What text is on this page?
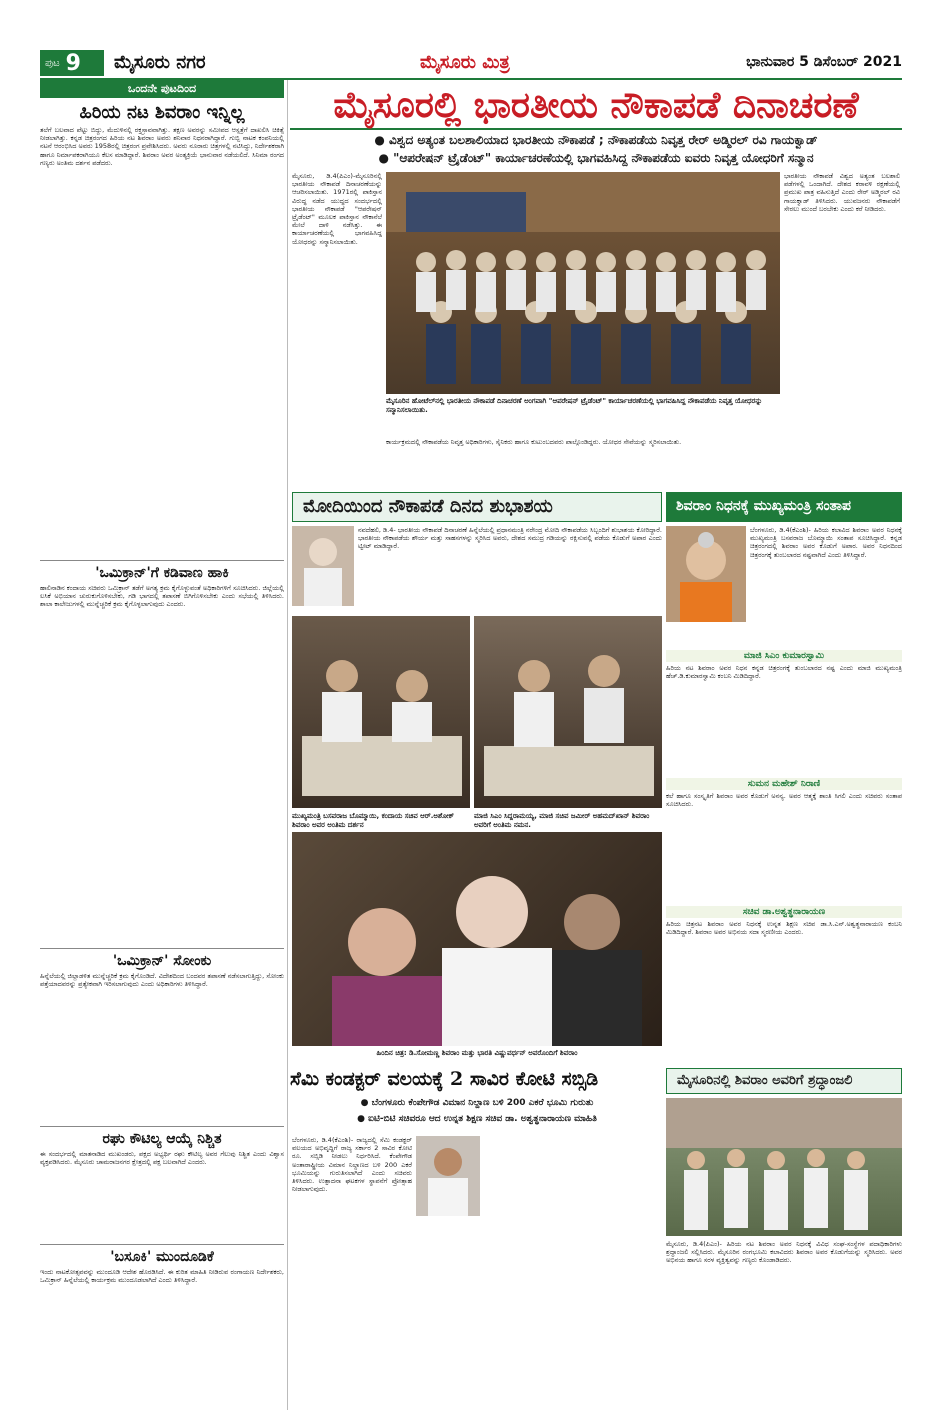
ಪುಟ 9 ಮೈಸೂರು ನಗರ	ಮೈಸೂರು ಮಿತ್ರ	ಭಾನುವಾರ 5 ಡಿಸೆಂಬರ್ 2021
ಒಂದನೇ ಪುಟದಿಂದ
ಹಿರಿಯ ನಟ ಶಿವರಾಂ ಇನ್ನಿಲ್ಲ
ತಲೆಗೆ ಬಲವಾದ ಪೆಟ್ಟು ಬಿದ್ದು, ಮೆದುಳಿನಲ್ಲಿ ರಕ್ತಸ್ರಾವವಾಗಿತ್ತು. ತಕ್ಷಣ ಅವರನ್ನು ಸಮೀಪದ ಆಸ್ಪತ್ರೆಗೆ ದಾಖಲಿಸಿ ಚಿಕಿತ್ಸೆ ನೀಡಲಾಗಿತ್ತು. ಕನ್ನಡ ಚಿತ್ರರಂಗದ ಹಿರಿಯ ನಟ ಶಿವರಾಂ ಅವರು ಶನಿವಾರ ನಿಧನರಾಗಿದ್ದಾರೆ. ಗುಬ್ಬಿ ನಾಟಕ ಕಂಪನಿಯಲ್ಲಿ ನಟನೆ ಆರಂಭಿಸಿದ ಅವರು 1958ರಲ್ಲಿ ಚಿತ್ರರಂಗ ಪ್ರವೇಶಿಸಿದರು. ಅವರು ನೂರಾರು ಚಿತ್ರಗಳಲ್ಲಿ ನಟಿಸಿದ್ದು, ನಿರ್ದೇಶಕರಾಗಿ ಹಾಗೂ ನಿರ್ಮಾಪಕರಾಗಿಯೂ ಕೆಲಸ ಮಾಡಿದ್ದಾರೆ. ಶಿವರಾಂ ಅವರ ಅಂತ್ಯಕ್ರಿಯೆ ಭಾನುವಾರ ನಡೆಯಲಿದೆ. ಸಿನಿಮಾ ರಂಗದ ಗಣ್ಯರು ಅಂತಿಮ ದರ್ಶನ ಪಡೆದರು.
'ಒಮಿಕ್ರಾನ್'ಗೆ ಕಡಿವಾಣ ಹಾಕಿ
ಹಾಲಿನಾಡಿನ ಕಂದಾಯ ಸಚಿವರು ಒಮಿಕ್ರಾನ್ ತಡೆಗೆ ಅಗತ್ಯ ಕ್ರಮ ಕೈಗೊಳ್ಳುವಂತೆ ಅಧಿಕಾರಿಗಳಿಗೆ ಸೂಚಿಸಿದರು. ಜಿಲ್ಲೆಯಲ್ಲಿ ಲಸಿಕೆ ಅಭಿಯಾನ ಚುರುಕುಗೊಳಿಸಬೇಕು, ಗಡಿ ಭಾಗದಲ್ಲಿ ತಪಾಸಣೆ ಬಿಗಿಗೊಳಿಸಬೇಕು ಎಂದು ಸಭೆಯಲ್ಲಿ ತಿಳಿಸಿದರು. ಶಾಲಾ ಕಾಲೇಜುಗಳಲ್ಲಿ ಮುನ್ನೆಚ್ಚರಿಕೆ ಕ್ರಮ ಕೈಗೊಳ್ಳಲಾಗುವುದು ಎಂದರು.
'ಒಮಿಕ್ರಾನ್' ಸೋಂಕು
ಹಿನ್ನೆಲೆಯಲ್ಲಿ ಜಿಲ್ಲಾಡಳಿತ ಮುನ್ನೆಚ್ಚರಿಕೆ ಕ್ರಮ ಕೈಗೊಂಡಿದೆ. ವಿದೇಶದಿಂದ ಬಂದವರ ತಪಾಸಣೆ ನಡೆಸಲಾಗುತ್ತಿದ್ದು, ಸೋಂಕು ಪತ್ತೆಯಾದವರನ್ನು ಪ್ರತ್ಯೇಕವಾಗಿ ಇರಿಸಲಾಗುವುದು ಎಂದು ಅಧಿಕಾರಿಗಳು ತಿಳಿಸಿದ್ದಾರೆ.
ರಘು ಕೌಟಿಲ್ಯ ಆಯ್ಕೆ ನಿಶ್ಚಿತ
ಈ ಸಂದರ್ಭದಲ್ಲಿ ಮಾತನಾಡಿದ ಮುಖಂಡರು, ಪಕ್ಷದ ಅಭ್ಯರ್ಥಿ ರಘು ಕೌಟಿಲ್ಯ ಅವರ ಗೆಲುವು ನಿಶ್ಚಿತ ಎಂದು ವಿಶ್ವಾಸ ವ್ಯಕ್ತಪಡಿಸಿದರು. ಮೈಸೂರು ಚಾಮರಾಜನಗರ ಕ್ಷೇತ್ರದಲ್ಲಿ ಪಕ್ಷ ಬಲವಾಗಿದೆ ಎಂದರು.
'ಬಸೂಕಿ' ಮುಂದೂಡಿಕೆ
ಇಂದು ನಾಟಕೋತ್ಸವವನ್ನು ಮುಂದೂಡಿ ಆದೇಶ ಹೊರಡಿಸಿದೆ. ಈ ಕುರಿತ ಮಾಹಿತಿ ನೀಡಿರುವ ರಂಗಾಯಣ ನಿರ್ದೇಶಕರು, ಒಮಿಕ್ರಾನ್ ಹಿನ್ನೆಲೆಯಲ್ಲಿ ಕಾರ್ಯಕ್ರಮ ಮುಂದೂಡಲಾಗಿದೆ ಎಂದು ತಿಳಿಸಿದ್ದಾರೆ.
ಮೈಸೂರಲ್ಲಿ ಭಾರತೀಯ ನೌಕಾಪಡೆ ದಿನಾಚರಣೆ
● ವಿಶ್ವದ ಅತ್ಯಂತ ಬಲಶಾಲಿಯಾದ ಭಾರತೀಯ ನೌಕಾಪಡೆ ; ನೌಕಾಪಡೆಯ ನಿವೃತ್ತ ರೇರ್ ಅಡ್ಮಿರಲ್ ರವಿ ಗಾಯಕ್ವಾಡ್
● "ಆಪರೇಷನ್ ಟ್ರೈಡೆಂಟ್" ಕಾರ್ಯಾಚರಣೆಯಲ್ಲಿ ಭಾಗವಹಿಸಿದ್ದ ನೌಕಾಪಡೆಯ ಐವರು ನಿವೃತ್ತ ಯೋಧರಿಗೆ ಸನ್ಮಾನ
ಮೈಸೂರು, ಡಿ.4(ಪಿಎಂ)-ಮೈಸೂರಿನಲ್ಲಿ ಭಾರತೀಯ ನೌಕಾಪಡೆ ದಿನಾಚರಣೆಯನ್ನು ಆಚರಿಸಲಾಯಿತು. 1971ರಲ್ಲಿ ಪಾಕಿಸ್ತಾನ ವಿರುದ್ಧ ನಡೆದ ಯುದ್ಧದ ಸಂದರ್ಭದಲ್ಲಿ ಭಾರತೀಯ ನೌಕಾಪಡೆ "ಆಪರೇಷನ್ ಟ್ರೈಡೆಂಟ್" ಮೂಲಕ ಪಾಕಿಸ್ತಾನ ನೌಕಾನೆಲೆ ಮೇಲೆ ದಾಳಿ ನಡೆಸಿತ್ತು. ಈ ಕಾರ್ಯಾಚರಣೆಯಲ್ಲಿ ಭಾಗವಹಿಸಿದ್ದ ಯೋಧರನ್ನು ಸನ್ಮಾನಿಸಲಾಯಿತು.
ಭಾರತೀಯ ನೌಕಾಪಡೆ ವಿಶ್ವದ ಅತ್ಯಂತ ಬಲಶಾಲಿ ಪಡೆಗಳಲ್ಲಿ ಒಂದಾಗಿದೆ. ದೇಶದ ಕರಾವಳಿ ರಕ್ಷಣೆಯಲ್ಲಿ ಪ್ರಮುಖ ಪಾತ್ರ ವಹಿಸುತ್ತಿದೆ ಎಂದು ರೇರ್ ಅಡ್ಮಿರಲ್ ರವಿ ಗಾಯಕ್ವಾಡ್ ತಿಳಿಸಿದರು. ಯುವಜನರು ನೌಕಾಪಡೆಗೆ ಸೇರಲು ಮುಂದೆ ಬರಬೇಕು ಎಂದು ಕರೆ ನೀಡಿದರು.
ಮೈಸೂರಿನ ಹೋಟೆಲ್‌ನಲ್ಲಿ ಭಾರತೀಯ ನೌಕಾಪಡೆ ದಿನಾಚರಣೆ ಅಂಗವಾಗಿ "ಆಪರೇಷನ್ ಟ್ರೈಡೆಂಟ್" ಕಾರ್ಯಾಚರಣೆಯಲ್ಲಿ ಭಾಗವಹಿಸಿದ್ದ ನೌಕಾಪಡೆಯ ನಿವೃತ್ತ ಯೋಧರನ್ನು ಸನ್ಮಾನಿಸಲಾಯಿತು.
ಕಾರ್ಯಕ್ರಮದಲ್ಲಿ ನೌಕಾಪಡೆಯ ನಿವೃತ್ತ ಅಧಿಕಾರಿಗಳು, ಸೈನಿಕರು ಹಾಗೂ ಕುಟುಂಬದವರು ಪಾಲ್ಗೊಂಡಿದ್ದರು. ಯೋಧರ ಸೇವೆಯನ್ನು ಸ್ಮರಿಸಲಾಯಿತು.
ಮೋದಿಯಿಂದ ನೌಕಾಪಡೆ ದಿನದ ಶುಭಾಶಯ
ನವದೆಹಲಿ, ಡಿ.4- ಭಾರತೀಯ ನೌಕಾಪಡೆ ದಿನಾಚರಣೆ ಹಿನ್ನೆಲೆಯಲ್ಲಿ ಪ್ರಧಾನಮಂತ್ರಿ ನರೇಂದ್ರ ಮೋದಿ ನೌಕಾಪಡೆಯ ಸಿಬ್ಬಂದಿಗೆ ಶುಭಾಶಯ ಕೋರಿದ್ದಾರೆ. ಭಾರತೀಯ ನೌಕಾಪಡೆಯ ಶೌರ್ಯ ಮತ್ತು ಸಾಹಸಗಳನ್ನು ಸ್ಮರಿಸಿದ ಅವರು, ದೇಶದ ಸಮುದ್ರ ಗಡಿಯನ್ನು ರಕ್ಷಿಸುವಲ್ಲಿ ಪಡೆಯ ಕೊಡುಗೆ ಅಪಾರ ಎಂದು ಟ್ವೀಟ್ ಮಾಡಿದ್ದಾರೆ.
ಮುಖ್ಯಮಂತ್ರಿ ಬಸವರಾಜ ಬೊಮ್ಮಾಯಿ, ಕಂದಾಯ ಸಚಿವ ಆರ್.ಅಶೋಕ್ ಶಿವರಾಂ ಅವರ ಅಂತಿಮ ದರ್ಶನ
ಮಾಜಿ ಸಿಎಂ ಸಿದ್ದರಾಮಯ್ಯ, ಮಾಜಿ ಸಚಿವ ಜಮೀರ್ ಅಹಮದ್‌ಖಾನ್ ಶಿವರಾಂ ಅವರಿಗೆ ಅಂತಿಮ ನಮನ.
ಹಿಂದಿನ ಚಿತ್ರ: ಡಿ.ಸೋಮಣ್ಣ ಶಿವರಾಂ ಮತ್ತು ಭಾರತಿ ವಿಷ್ಣುವರ್ಧನ್ ಅವರೊಂದಿಗೆ ಶಿವರಾಂ
ಶಿವರಾಂ ನಿಧನಕ್ಕೆ ಮುಖ್ಯಮಂತ್ರಿ ಸಂತಾಪ
ಬೆಂಗಳೂರು, ಡಿ.4(ಕೆಎಂಶಿ)- ಹಿರಿಯ ಕಲಾವಿದ ಶಿವರಾಂ ಅವರ ನಿಧನಕ್ಕೆ ಮುಖ್ಯಮಂತ್ರಿ ಬಸವರಾಜ ಬೊಮ್ಮಾಯಿ ಸಂತಾಪ ಸೂಚಿಸಿದ್ದಾರೆ. ಕನ್ನಡ ಚಿತ್ರರಂಗದಲ್ಲಿ ಶಿವರಾಂ ಅವರ ಕೊಡುಗೆ ಅಪಾರ. ಅವರ ನಿಧನದಿಂದ ಚಿತ್ರರಂಗಕ್ಕೆ ತುಂಬಲಾರದ ನಷ್ಟವಾಗಿದೆ ಎಂದು ತಿಳಿಸಿದ್ದಾರೆ.
ಮಾಜಿ ಸಿಎಂ ಕುಮಾರಸ್ವಾಮಿ
ಹಿರಿಯ ನಟ ಶಿವರಾಂ ಅವರ ನಿಧನ ಕನ್ನಡ ಚಿತ್ರರಂಗಕ್ಕೆ ತುಂಬಲಾರದ ನಷ್ಟ ಎಂದು ಮಾಜಿ ಮುಖ್ಯಮಂತ್ರಿ ಹೆಚ್.ಡಿ.ಕುಮಾರಸ್ವಾಮಿ ಕಂಬನಿ ಮಿಡಿದಿದ್ದಾರೆ.
ಸುಮನ ಮಹೇಶ್ ನಿರಾಣಿ
ಕಲೆ ಹಾಗೂ ಸಂಸ್ಕೃತಿಗೆ ಶಿವರಾಂ ಅವರ ಕೊಡುಗೆ ಅನನ್ಯ. ಅವರ ಆತ್ಮಕ್ಕೆ ಶಾಂತಿ ಸಿಗಲಿ ಎಂದು ಸಚಿವರು ಸಂತಾಪ ಸೂಚಿಸಿದರು.
ಸಚಿವ ಡಾ.ಅಶ್ವತ್ಥನಾರಾಯಣ
ಹಿರಿಯ ಚಿತ್ರನಟ ಶಿವರಾಂ ಅವರ ನಿಧನಕ್ಕೆ ಉನ್ನತ ಶಿಕ್ಷಣ ಸಚಿವ ಡಾ.ಸಿ.ಎನ್.ಅಶ್ವತ್ಥನಾರಾಯಣ ಕಂಬನಿ ಮಿಡಿದಿದ್ದಾರೆ. ಶಿವರಾಂ ಅವರ ಅಭಿನಯ ಸದಾ ಸ್ಮರಣೀಯ ಎಂದರು.
ಸೆಮಿ ಕಂಡಕ್ಟರ್ ವಲಯಕ್ಕೆ 2 ಸಾವಿರ ಕೋಟಿ ಸಬ್ಸಿಡಿ
● ಬೆಂಗಳೂರು ಕೆಂಪೇಗೌಡ ವಿಮಾನ ನಿಲ್ದಾಣ ಬಳಿ 200 ಎಕರೆ ಭೂಮಿ ಗುರುತು
● ಐಟಿ-ಬಿಟಿ ಸಚಿವರೂ ಆದ ಉನ್ನತ ಶಿಕ್ಷಣ ಸಚಿವ ಡಾ. ಅಶ್ವತ್ಥನಾರಾಯಣ ಮಾಹಿತಿ
ಬೆಂಗಳೂರು, ಡಿ.4(ಕೆಎಂಶಿ)- ರಾಜ್ಯದಲ್ಲಿ ಸೆಮಿ ಕಂಡಕ್ಟರ್ ವಲಯದ ಅಭಿವೃದ್ಧಿಗೆ ರಾಜ್ಯ ಸರ್ಕಾರ 2 ಸಾವಿರ ಕೋಟಿ ರೂ. ಸಬ್ಸಿಡಿ ನೀಡಲು ನಿರ್ಧರಿಸಿದೆ. ಕೆಂಪೇಗೌಡ ಅಂತಾರಾಷ್ಟ್ರೀಯ ವಿಮಾನ ನಿಲ್ದಾಣದ ಬಳಿ 200 ಎಕರೆ ಭೂಮಿಯನ್ನು ಗುರುತಿಸಲಾಗಿದೆ ಎಂದು ಸಚಿವರು ತಿಳಿಸಿದರು. ಉತ್ಪಾದನಾ ಘಟಕಗಳ ಸ್ಥಾಪನೆಗೆ ಪ್ರೋತ್ಸಾಹ ನೀಡಲಾಗುವುದು.
ಮೈಸೂರಿನಲ್ಲಿ ಶಿವರಾಂ ಅವರಿಗೆ ಶ್ರದ್ಧಾಂಜಲಿ
ಮೈಸೂರು, ಡಿ.4(ಪಿಎಂ)- ಹಿರಿಯ ನಟ ಶಿವರಾಂ ಅವರ ನಿಧನಕ್ಕೆ ವಿವಿಧ ಸಂಘ-ಸಂಸ್ಥೆಗಳ ಪದಾಧಿಕಾರಿಗಳು ಶ್ರದ್ಧಾಂಜಲಿ ಸಲ್ಲಿಸಿದರು. ಮೈಸೂರಿನ ರಂಗಭೂಮಿ ಕಲಾವಿದರು ಶಿವರಾಂ ಅವರ ಕೊಡುಗೆಯನ್ನು ಸ್ಮರಿಸಿದರು. ಅವರ ಅಭಿನಯ ಹಾಗೂ ಸರಳ ವ್ಯಕ್ತಿತ್ವವನ್ನು ಗಣ್ಯರು ಕೊಂಡಾಡಿದರು.
